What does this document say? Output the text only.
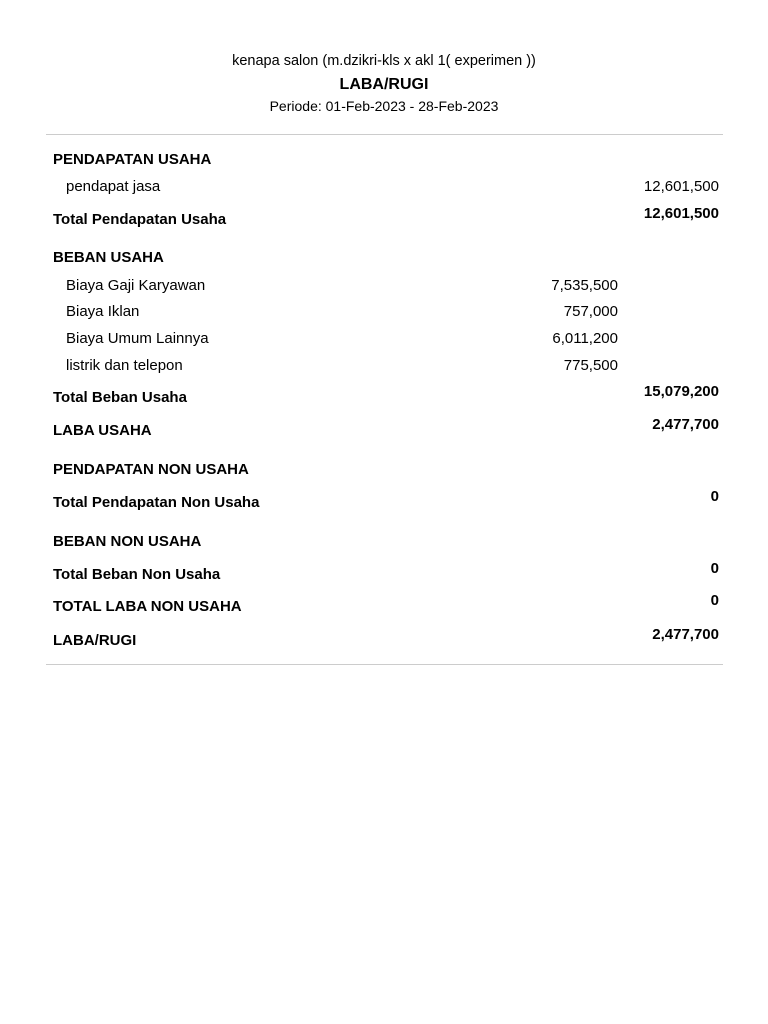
kenapa salon (m.dzikri-kls x akl 1( experimen ))
LABA/RUGI
Periode: 01-Feb-2023 - 28-Feb-2023
PENDAPATAN USAHA
pendapat jasa	12,601,500
Total Pendapatan Usaha	12,601,500
BEBAN USAHA
Biaya Gaji Karyawan	7,535,500
Biaya Iklan	757,000
Biaya Umum Lainnya	6,011,200
listrik dan telepon	775,500
Total Beban Usaha	15,079,200
LABA USAHA	2,477,700
PENDAPATAN NON USAHA
Total Pendapatan Non Usaha	0
BEBAN NON USAHA
Total Beban Non Usaha	0
TOTAL LABA NON USAHA	0
LABA/RUGI	2,477,700
